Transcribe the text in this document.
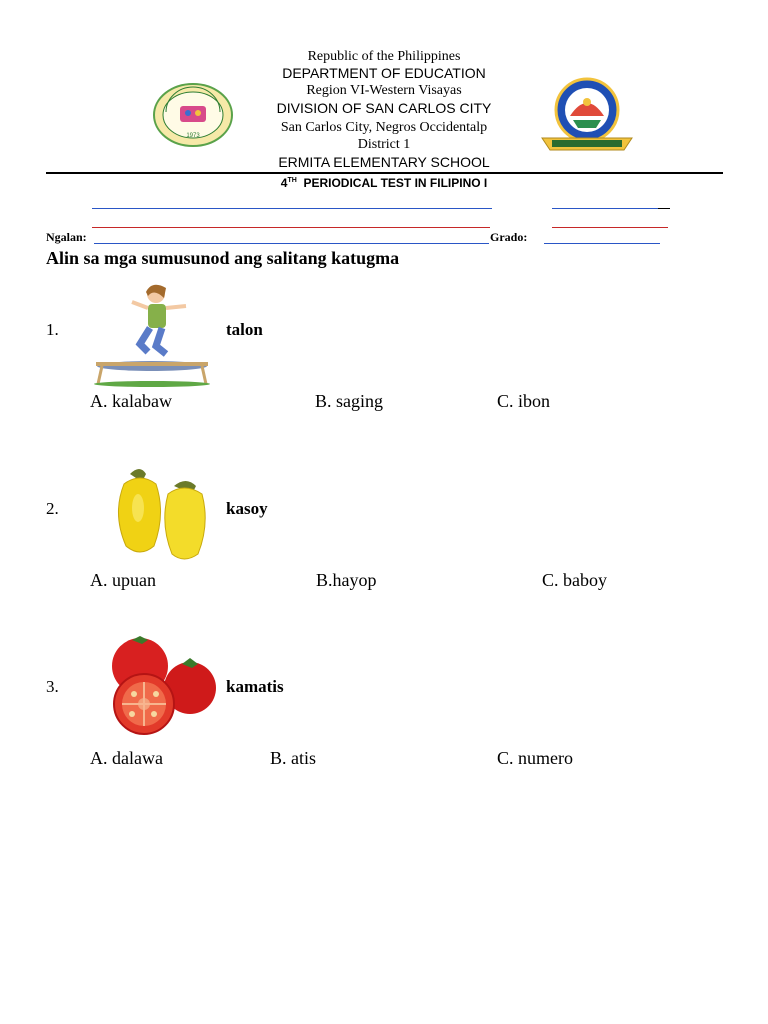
Republic of the Philippines
DEPARTMENT OF EDUCATION
Region VI-Western Visayas
DIVISION OF SAN CARLOS CITY
San Carlos City, Negros Occidentalp
District 1
ERMITA ELEMENTARY SCHOOL
1973
4TH PERIODICAL TEST IN FILIPINO I
Ngalan:	Grado:
Alin sa mga sumusunod ang salitang katugma
1.	talon
A. kalabaw	B. saging	C. ibon
2.	kasoy
A. upuan	B.hayop	C. baboy
3.	kamatis
A. dalawa	B. atis	C. numero
